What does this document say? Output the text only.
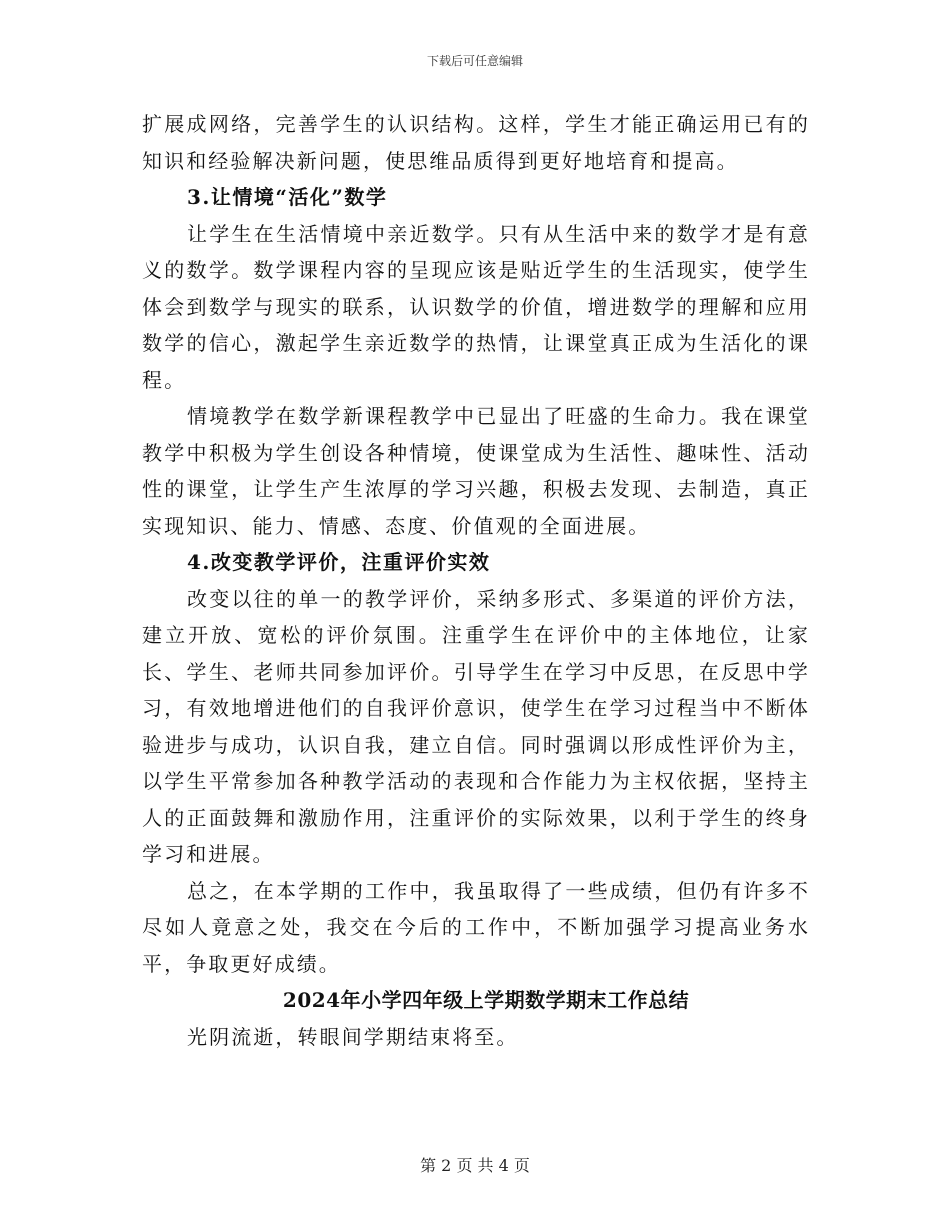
下载后可任意编辑

扩展成网络，完善学生的认识结构。这样，学生才能正确运用已有的知识和经验解决新问题，使思维品质得到更好地培育和提高。

3.让情境“活化”数学

让学生在生活情境中亲近数学。只有从生活中来的数学才是有意义的数学。数学课程内容的呈现应该是贴近学生的生活现实，使学生体会到数学与现实的联系，认识数学的价值，增进数学的理解和应用数学的信心，激起学生亲近数学的热情，让课堂真正成为生活化的课程。

情境教学在数学新课程教学中已显出了旺盛的生命力。我在课堂教学中积极为学生创设各种情境，使课堂成为生活性、趣味性、活动性的课堂，让学生产生浓厚的学习兴趣，积极去发现、去制造，真正实现知识、能力、情感、态度、价值观的全面进展。

4.改变教学评价，注重评价实效

改变以往的单一的教学评价，采纳多形式、多渠道的评价方法，建立开放、宽松的评价氛围。注重学生在评价中的主体地位，让家长、学生、老师共同参加评价。引导学生在学习中反思，在反思中学习，有效地增进他们的自我评价意识，使学生在学习过程当中不断体验进步与成功，认识自我，建立自信。同时强调以形成性评价为主，以学生平常参加各种教学活动的表现和合作能力为主权依据，坚持主人的正面鼓舞和激励作用，注重评价的实际效果，以利于学生的终身学习和进展。

总之，在本学期的工作中，我虽取得了一些成绩，但仍有许多不尽如人竟意之处，我交在今后的工作中，不断加强学习提高业务水平，争取更好成绩。

2024年小学四年级上学期数学期末工作总结

光阴流逝，转眼间学期结束将至。

第 2 页 共 4 页
